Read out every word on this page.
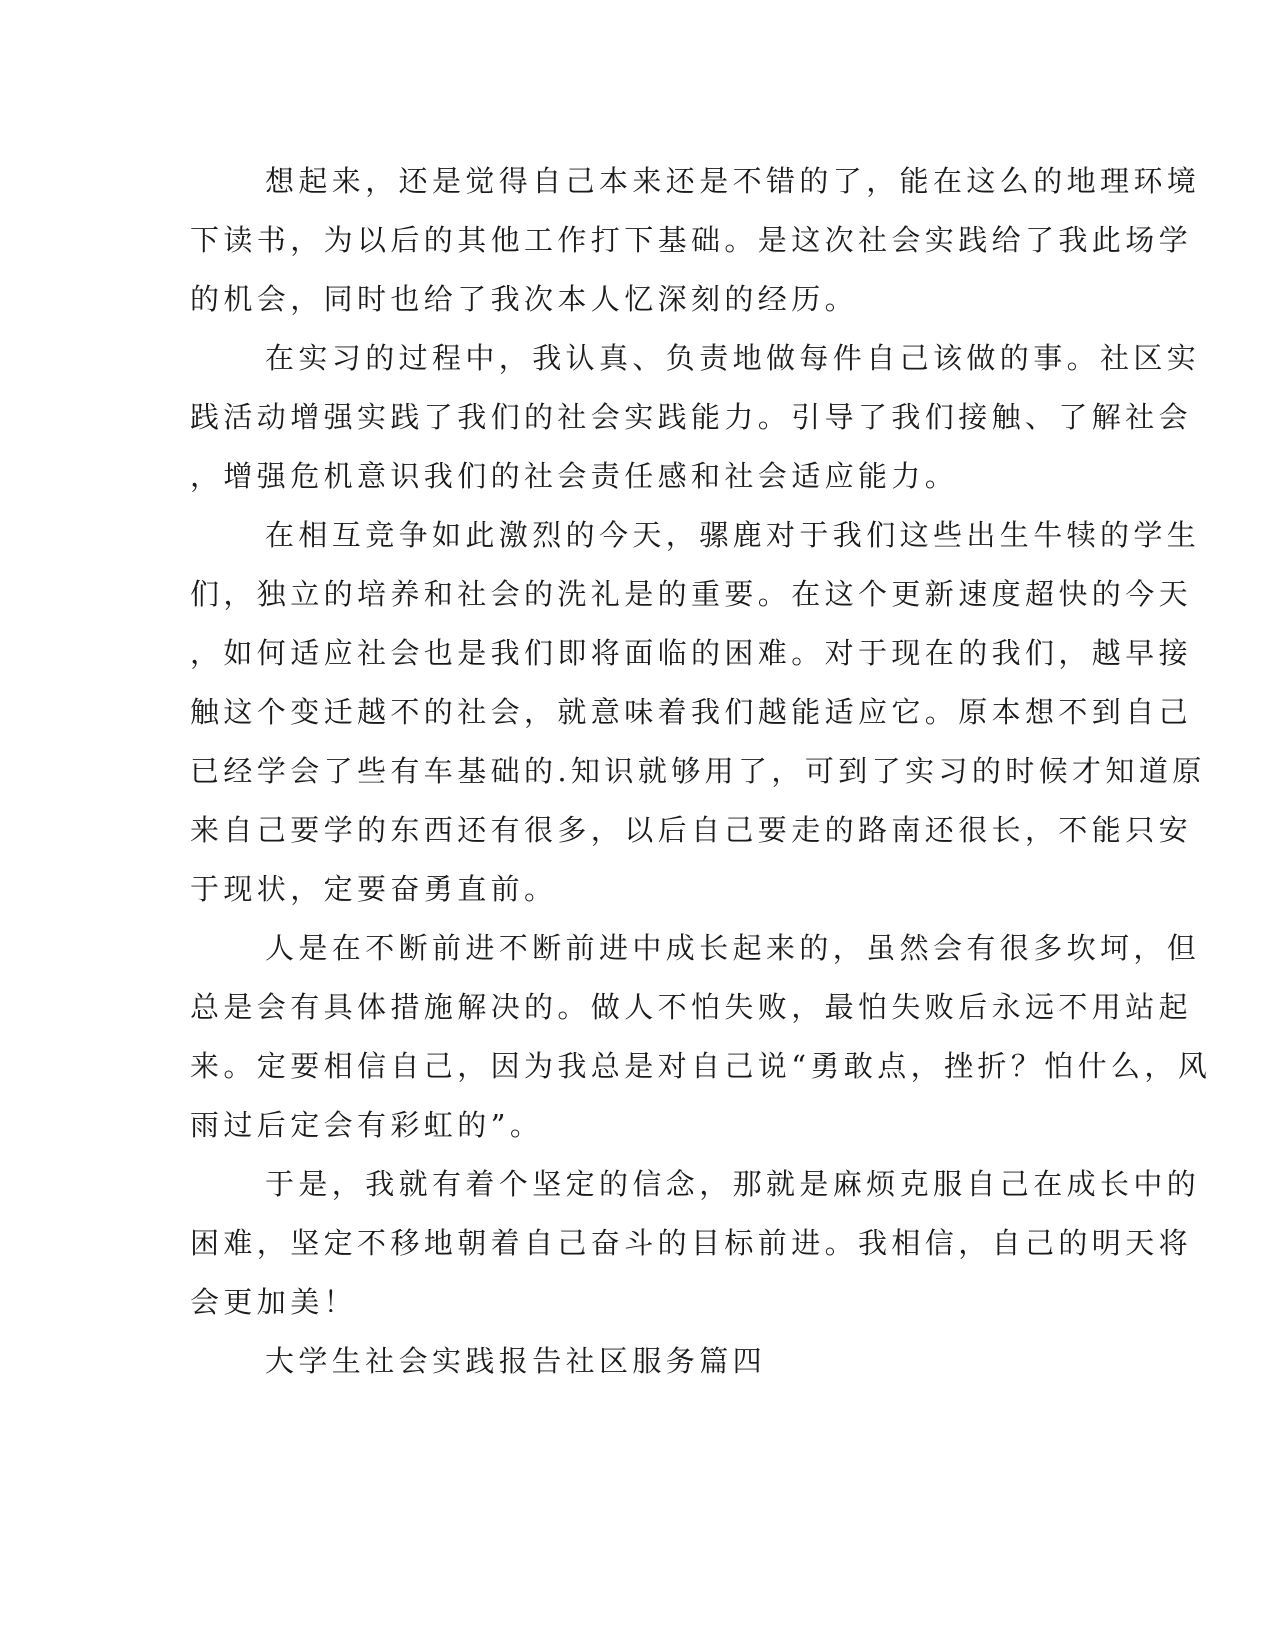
想起来，还是觉得自己本来还是不错的了，能在这么的地理环境
下读书，为以后的其他工作打下基础。是这次社会实践给了我此场学
的机会，同时也给了我次本人忆深刻的经历。
在实习的过程中，我认真、负责地做每件自己该做的事。社区实
践活动增强实践了我们的社会实践能力。引导了我们接触、了解社会
，增强危机意识我们的社会责任感和社会适应能力。
在相互竞争如此激烈的今天，骡鹿对于我们这些出生牛犊的学生
们，独立的培养和社会的洗礼是的重要。在这个更新速度超快的今天
，如何适应社会也是我们即将面临的困难。对于现在的我们，越早接
触这个变迁越不的社会，就意味着我们越能适应它。原本想不到自己
已经学会了些有车基础的.知识就够用了，可到了实习的时候才知道原
来自己要学的东西还有很多，以后自己要走的路南还很长，不能只安
于现状，定要奋勇直前。
人是在不断前进不断前进中成长起来的，虽然会有很多坎坷，但
总是会有具体措施解决的。做人不怕失败，最怕失败后永远不用站起
来。定要相信自己，因为我总是对自己说“勇敢点，挫折？怕什么，风
雨过后定会有彩虹的”。
于是，我就有着个坚定的信念，那就是麻烦克服自己在成长中的
困难，坚定不移地朝着自己奋斗的目标前进。我相信，自己的明天将
会更加美！
大学生社会实践报告社区服务篇四
